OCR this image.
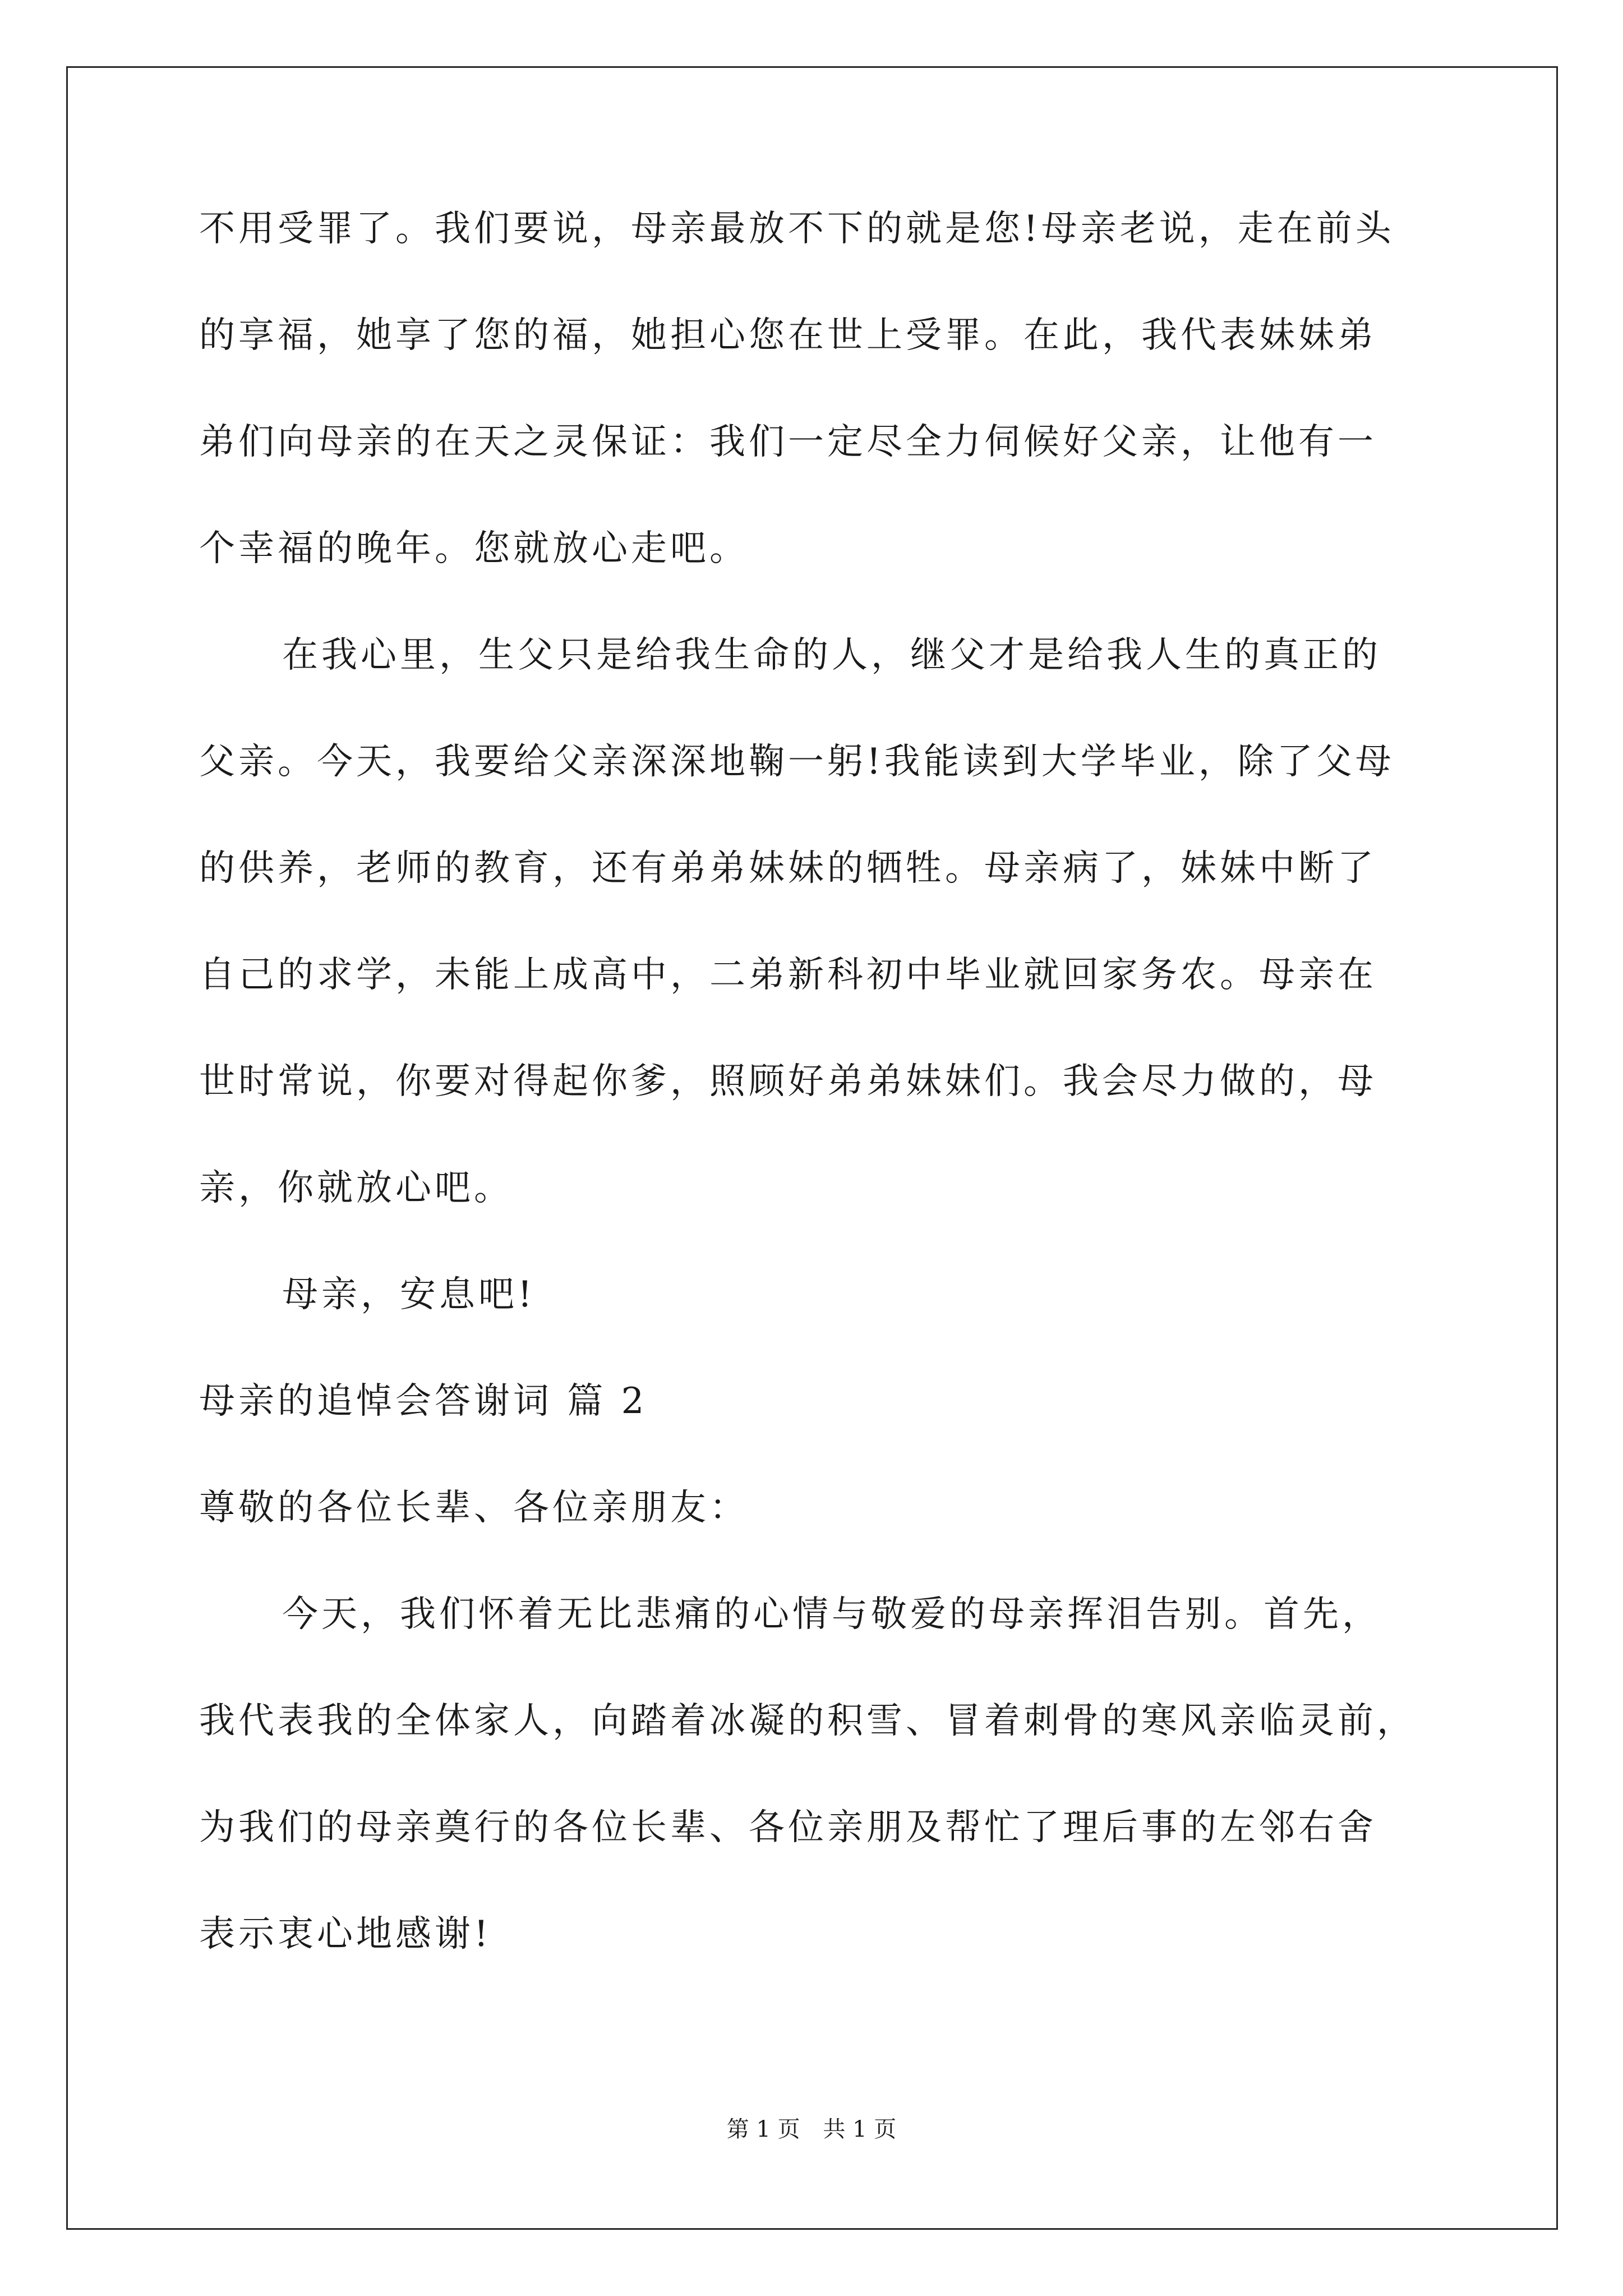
不用受罪了。我们要说，母亲最放不下的就是您!母亲老说，走在前头

的享福，她享了您的福，她担心您在世上受罪。在此，我代表妹妹弟

弟们向母亲的在天之灵保证：我们一定尽全力伺候好父亲，让他有一

个幸福的晚年。您就放心走吧。

在我心里，生父只是给我生命的人，继父才是给我人生的真正的

父亲。今天，我要给父亲深深地鞠一躬!我能读到大学毕业，除了父母

的供养，老师的教育，还有弟弟妹妹的牺牲。母亲病了，妹妹中断了

自己的求学，未能上成高中，二弟新科初中毕业就回家务农。母亲在

世时常说，你要对得起你爹，照顾好弟弟妹妹们。我会尽力做的，母

亲，你就放心吧。

母亲，安息吧!

母亲的追悼会答谢词 篇 2

尊敬的各位长辈、各位亲朋友：

今天，我们怀着无比悲痛的心情与敬爱的母亲挥泪告别。首先，

我代表我的全体家人，向踏着冰凝的积雪、冒着刺骨的寒风亲临灵前，

为我们的母亲奠行的各位长辈、各位亲朋及帮忙了理后事的左邻右舍

表示衷心地感谢!

第 1 页 共 1 页
